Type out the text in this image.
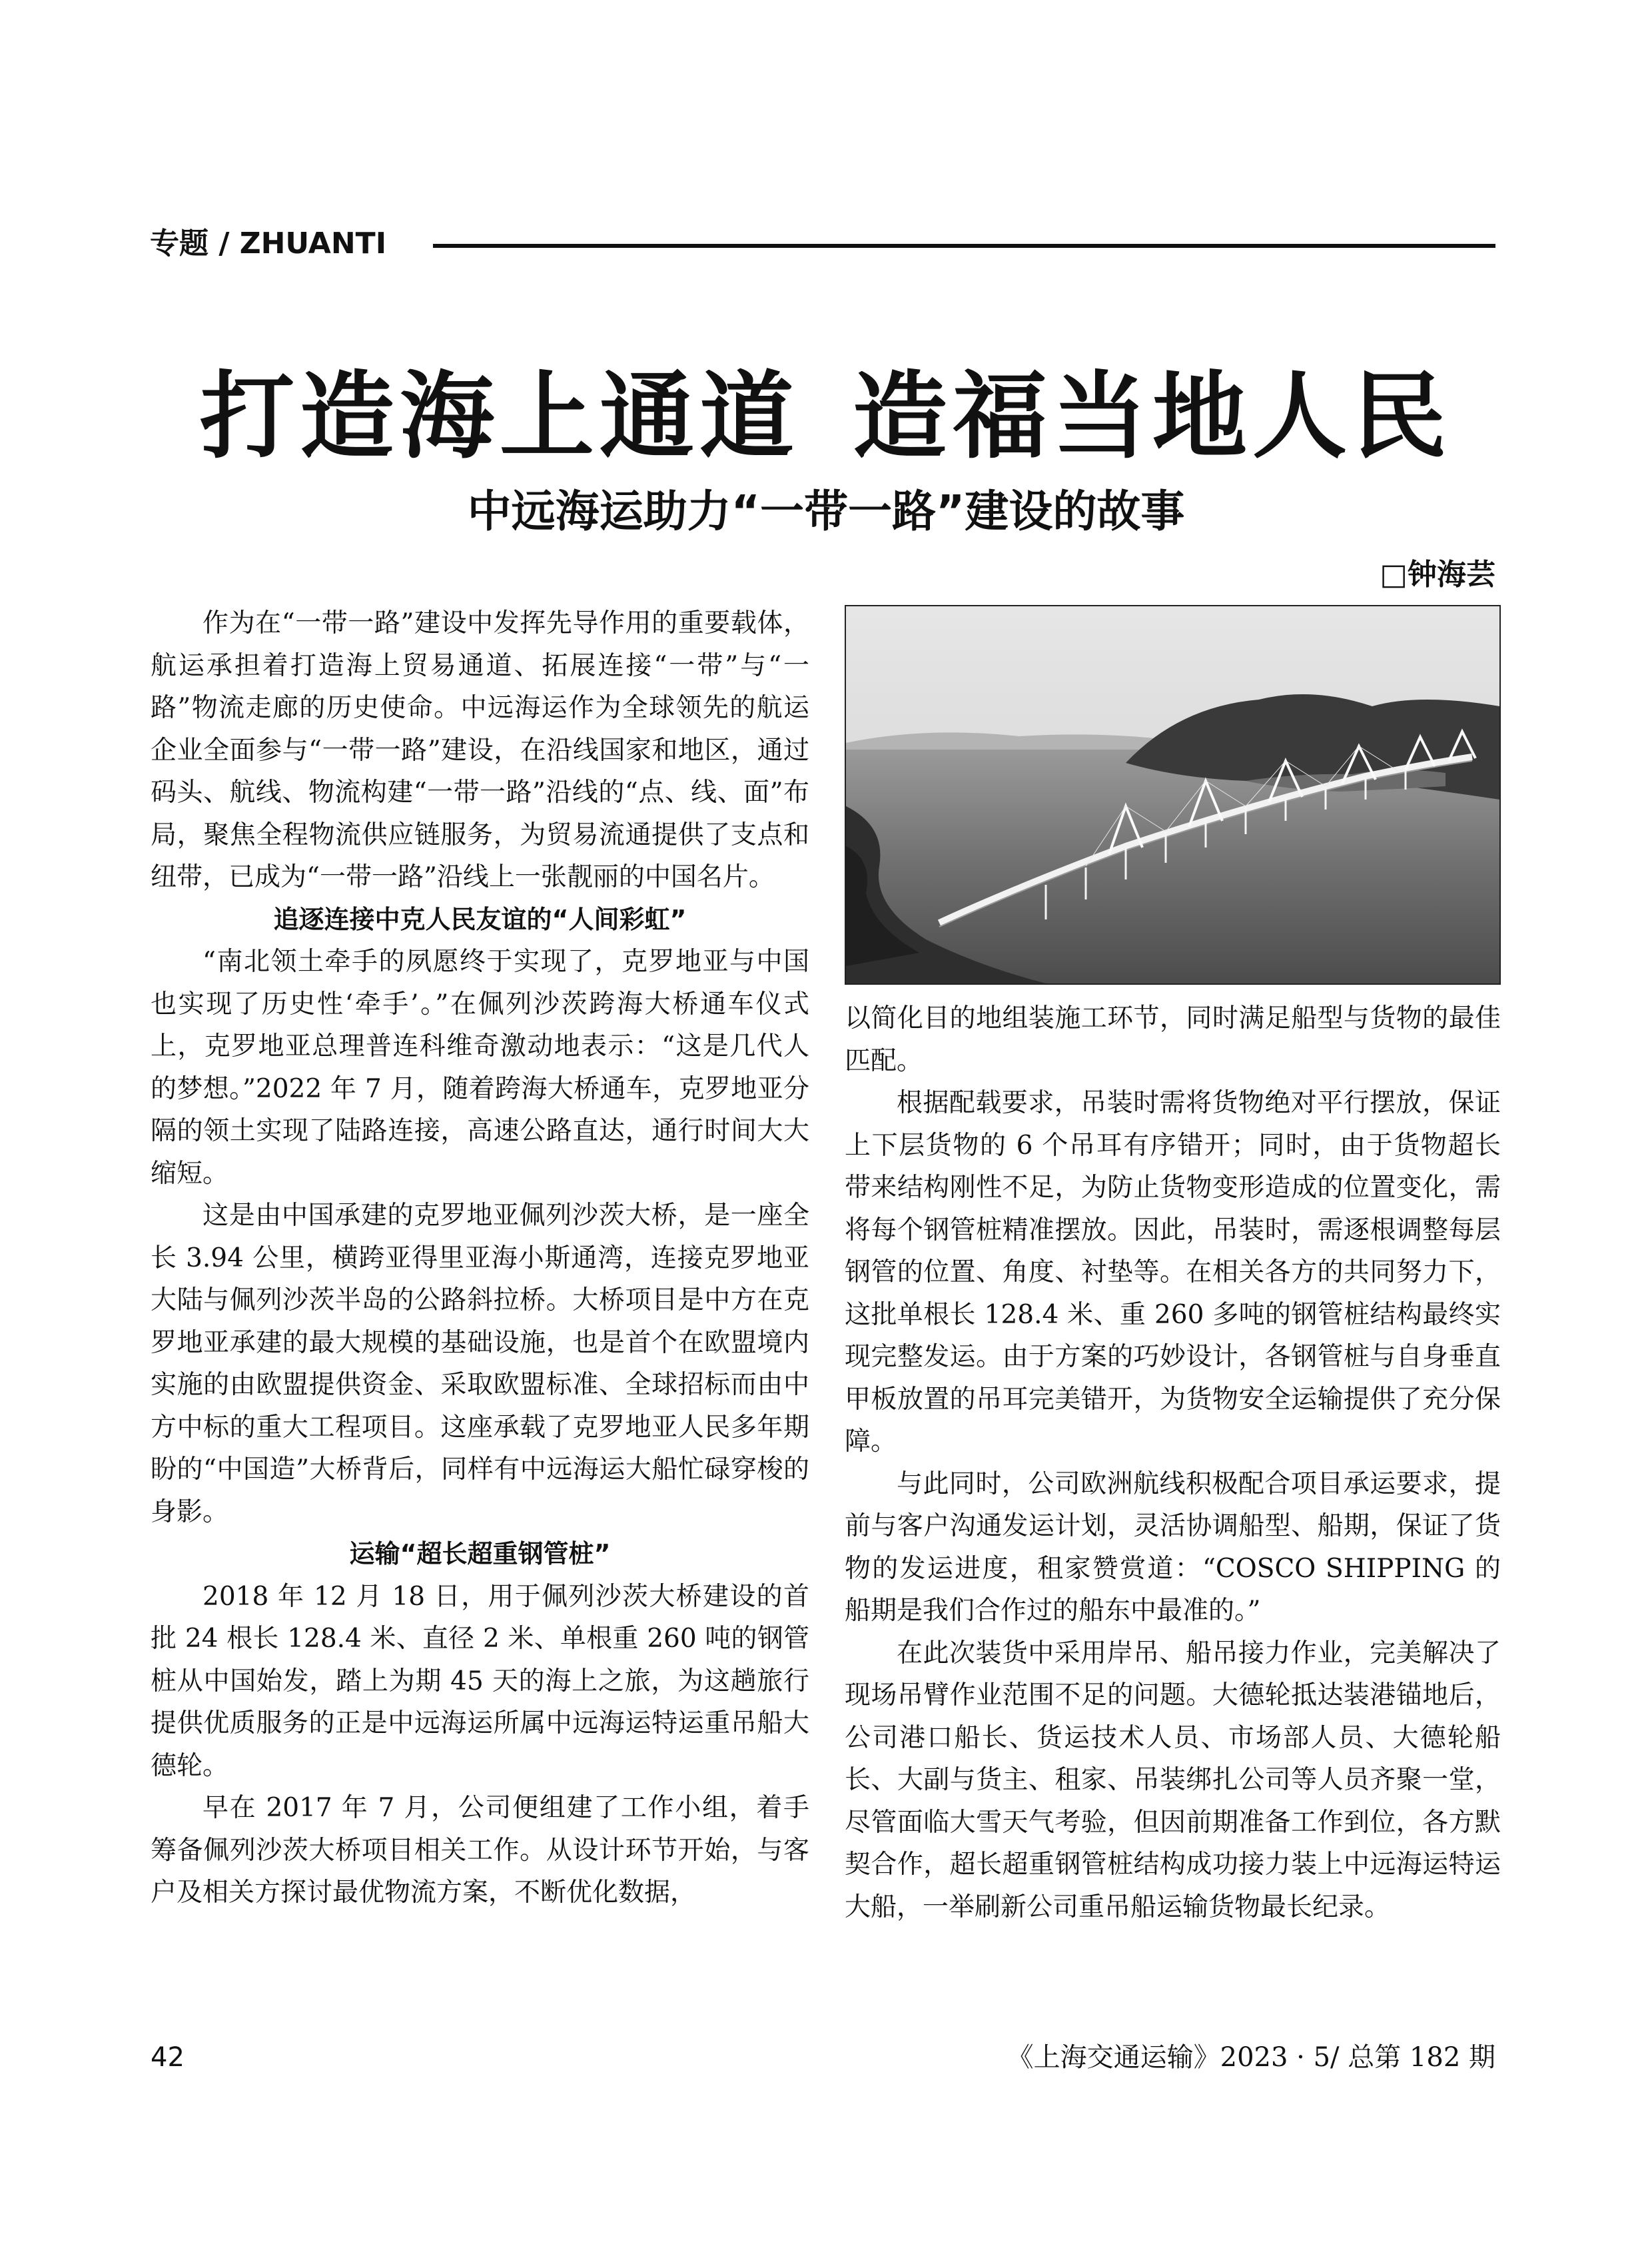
专题 / ZHUANTI
打造海上通道 造福当地人民
中远海运助力“一带一路”建设的故事
□钟海芸

作为在“一带一路”建设中发挥先导作用的重要载体，航运承担着打造海上贸易通道、拓展连接“一带”与“一路”物流走廊的历史使命。中远海运作为全球领先的航运企业全面参与“一带一路”建设，在沿线国家和地区，通过码头、航线、物流构建“一带一路”沿线的“点、线、面”布局，聚焦全程物流供应链服务，为贸易流通提供了支点和纽带，已成为“一带一路”沿线上一张靓丽的中国名片。

追逐连接中克人民友谊的“人间彩虹”

“南北领土牵手的夙愿终于实现了，克罗地亚与中国也实现了历史性‘牵手’。”在佩列沙茨跨海大桥通车仪式上，克罗地亚总理普连科维奇激动地表示：“这是几代人的梦想。”2022 年 7 月，随着跨海大桥通车，克罗地亚分隔的领土实现了陆路连接，高速公路直达，通行时间大大缩短。

这是由中国承建的克罗地亚佩列沙茨大桥，是一座全长 3.94 公里，横跨亚得里亚海小斯通湾，连接克罗地亚大陆与佩列沙茨半岛的公路斜拉桥。大桥项目是中方在克罗地亚承建的最大规模的基础设施，也是首个在欧盟境内实施的由欧盟提供资金、采取欧盟标准、全球招标而由中方中标的重大工程项目。这座承载了克罗地亚人民多年期盼的“中国造”大桥背后，同样有中远海运大船忙碌穿梭的身影。

运输“超长超重钢管桩”

2018 年 12 月 18 日，用于佩列沙茨大桥建设的首批 24 根长 128.4 米、直径 2 米、单根重 260 吨的钢管桩从中国始发，踏上为期 45 天的海上之旅，为这趟旅行提供优质服务的正是中远海运所属中远海运特运重吊船大德轮。

早在 2017 年 7 月，公司便组建了工作小组，着手筹备佩列沙茨大桥项目相关工作。从设计环节开始，与客户及相关方探讨最优物流方案，不断优化数据，

以简化目的地组装施工环节，同时满足船型与货物的最佳匹配。

根据配载要求，吊装时需将货物绝对平行摆放，保证上下层货物的 6 个吊耳有序错开；同时，由于货物超长带来结构刚性不足，为防止货物变形造成的位置变化，需将每个钢管桩精准摆放。因此，吊装时，需逐根调整每层钢管的位置、角度、衬垫等。在相关各方的共同努力下，这批单根长 128.4 米、重 260 多吨的钢管桩结构最终实现完整发运。由于方案的巧妙设计，各钢管桩与自身垂直甲板放置的吊耳完美错开，为货物安全运输提供了充分保障。

与此同时，公司欧洲航线积极配合项目承运要求，提前与客户沟通发运计划，灵活协调船型、船期，保证了货物的发运进度，租家赞赏道：“COSCO SHIPPING 的船期是我们合作过的船东中最准的。”

在此次装货中采用岸吊、船吊接力作业，完美解决了现场吊臂作业范围不足的问题。大德轮抵达装港锚地后，公司港口船长、货运技术人员、市场部人员、大德轮船长、大副与货主、租家、吊装绑扎公司等人员齐聚一堂，尽管面临大雪天气考验，但因前期准备工作到位，各方默契合作，超长超重钢管桩结构成功接力装上中远海运特运大船，一举刷新公司重吊船运输货物最长纪录。

42	《上海交通运输》2023 · 5/ 总第 182 期
